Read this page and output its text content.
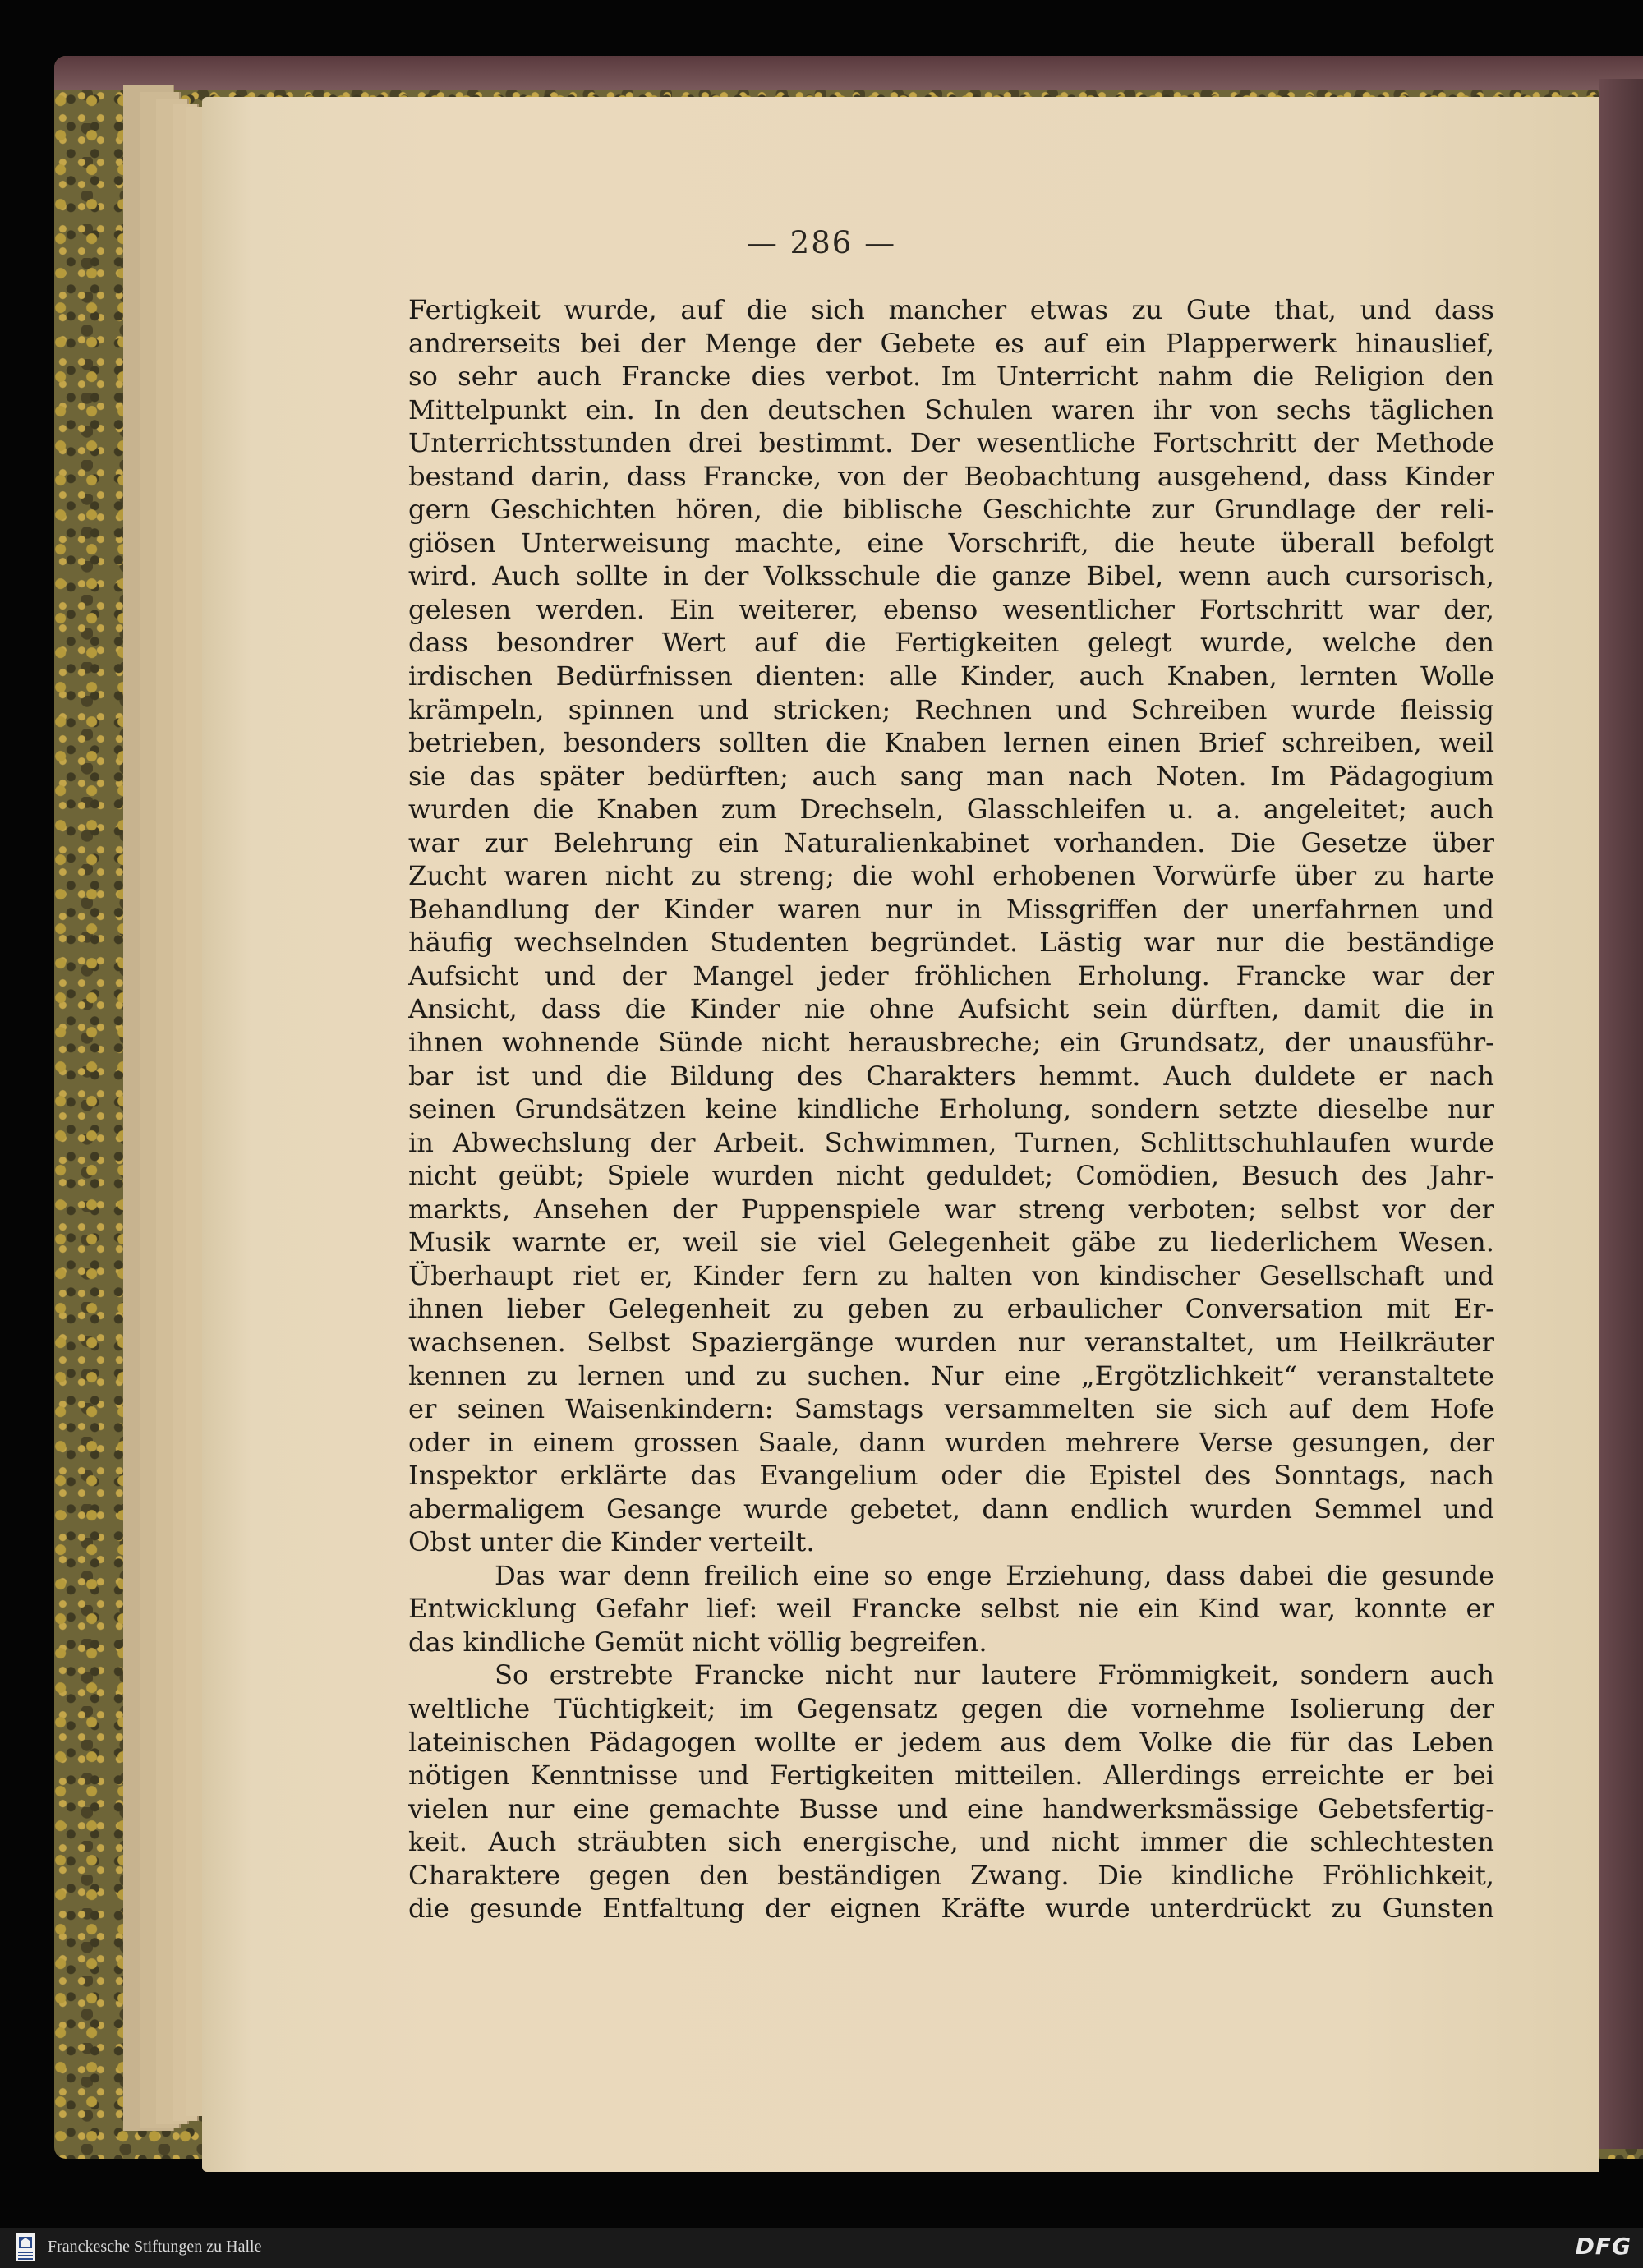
— 286 —
Fertigkeit wurde, auf die sich mancher etwas zu Gute that, und dass
andrerseits bei der Menge der Gebete es auf ein Plapperwerk hinauslief,
so sehr auch Francke dies verbot. Im Unterricht nahm die Religion den
Mittelpunkt ein. In den deutschen Schulen waren ihr von sechs täglichen
Unterrichtsstunden drei bestimmt. Der wesentliche Fortschritt der Methode
bestand darin, dass Francke, von der Beobachtung ausgehend, dass Kinder
gern Geschichten hören, die biblische Geschichte zur Grundlage der reli-
giösen Unterweisung machte, eine Vorschrift, die heute überall befolgt
wird. Auch sollte in der Volksschule die ganze Bibel, wenn auch cursorisch,
gelesen werden. Ein weiterer, ebenso wesentlicher Fortschritt war der,
dass besondrer Wert auf die Fertigkeiten gelegt wurde, welche den
irdischen Bedürfnissen dienten: alle Kinder, auch Knaben, lernten Wolle
krämpeln, spinnen und stricken; Rechnen und Schreiben wurde fleissig
betrieben, besonders sollten die Knaben lernen einen Brief schreiben, weil
sie das später bedürften; auch sang man nach Noten. Im Pädagogium
wurden die Knaben zum Drechseln, Glasschleifen u. a. angeleitet; auch
war zur Belehrung ein Naturalienkabinet vorhanden. Die Gesetze über
Zucht waren nicht zu streng; die wohl erhobenen Vorwürfe über zu harte
Behandlung der Kinder waren nur in Missgriffen der unerfahrnen und
häufig wechselnden Studenten begründet. Lästig war nur die beständige
Aufsicht und der Mangel jeder fröhlichen Erholung. Francke war der
Ansicht, dass die Kinder nie ohne Aufsicht sein dürften, damit die in
ihnen wohnende Sünde nicht herausbreche; ein Grundsatz, der unausführ-
bar ist und die Bildung des Charakters hemmt. Auch duldete er nach
seinen Grundsätzen keine kindliche Erholung, sondern setzte dieselbe nur
in Abwechslung der Arbeit. Schwimmen, Turnen, Schlittschuhlaufen wurde
nicht geübt; Spiele wurden nicht geduldet; Comödien, Besuch des Jahr-
markts, Ansehen der Puppenspiele war streng verboten; selbst vor der
Musik warnte er, weil sie viel Gelegenheit gäbe zu liederlichem Wesen.
Überhaupt riet er, Kinder fern zu halten von kindischer Gesellschaft und
ihnen lieber Gelegenheit zu geben zu erbaulicher Conversation mit Er-
wachsenen. Selbst Spaziergänge wurden nur veranstaltet, um Heilkräuter
kennen zu lernen und zu suchen. Nur eine „Ergötzlichkeit“ veranstaltete
er seinen Waisenkindern: Samstags versammelten sie sich auf dem Hofe
oder in einem grossen Saale, dann wurden mehrere Verse gesungen, der
Inspektor erklärte das Evangelium oder die Epistel des Sonntags, nach
abermaligem Gesange wurde gebetet, dann endlich wurden Semmel und
Obst unter die Kinder verteilt.
Das war denn freilich eine so enge Erziehung, dass dabei die gesunde
Entwicklung Gefahr lief: weil Francke selbst nie ein Kind war, konnte er
das kindliche Gemüt nicht völlig begreifen.
So erstrebte Francke nicht nur lautere Frömmigkeit, sondern auch
weltliche Tüchtigkeit; im Gegensatz gegen die vornehme Isolierung der
lateinischen Pädagogen wollte er jedem aus dem Volke die für das Leben
nötigen Kenntnisse und Fertigkeiten mitteilen. Allerdings erreichte er bei
vielen nur eine gemachte Busse und eine handwerksmässige Gebetsfertig-
keit. Auch sträubten sich energische, und nicht immer die schlechtesten
Charaktere gegen den beständigen Zwang. Die kindliche Fröhlichkeit,
die gesunde Entfaltung der eignen Kräfte wurde unterdrückt zu Gunsten
Franckesche Stiftungen zu Halle	DFG
